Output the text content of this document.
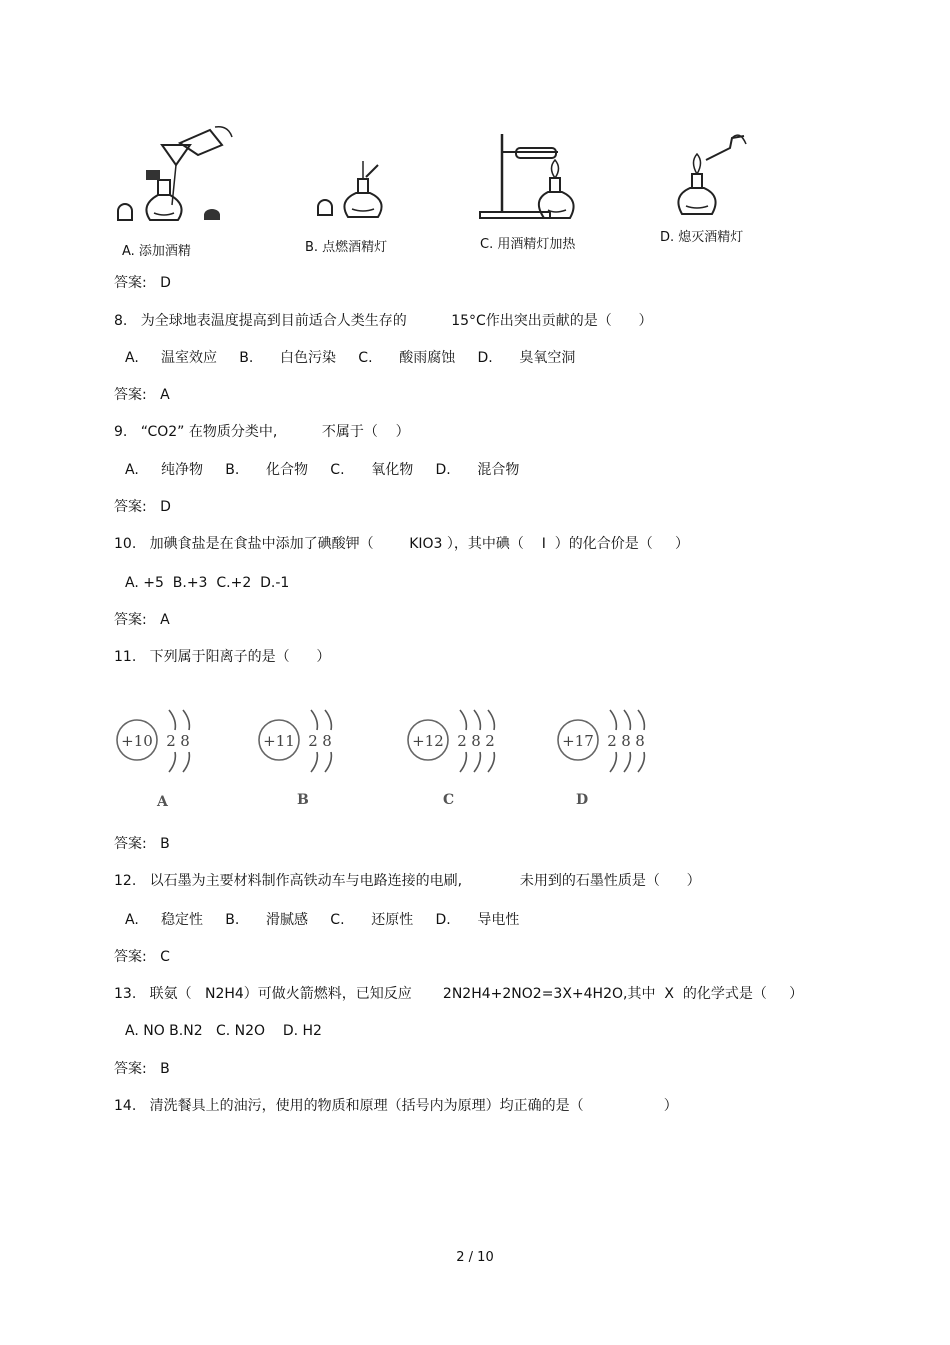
A. 添加酒精	B. 点燃酒精灯	C. 用酒精灯加热	D. 熄灭酒精灯
答案:   D
8.   为全球地表温度提高到目前适合人类生存的          15°C作出突出贡献的是（      ）
A.     温室效应     B.      白色污染     C.      酸雨腐蚀     D.      臭氧空洞
答案:   A
9.   “CO2” 在物质分类中,          不属于（    ）
A.     纯净物     B.      化合物     C.      氧化物     D.      混合物
答案:   D
10.   加碘食盐是在食盐中添加了碘酸钾（        KIO3 ），其中碘（    I  ）的化合价是（     ）
A. +5  B.+3  C.+2  D.-1
答案:   A
11.   下列属于阳离子的是（      ）
+10 2 8	+11 2 8	+12 2 8 2	+17 2 8 8
A	B	C	D
答案:   B
12.   以石墨为主要材料制作高铁动车与电路连接的电刷,             未用到的石墨性质是（      ）
A.     稳定性     B.      滑腻感     C.      还原性     D.      导电性
答案:   C
13.   联氨（   N2H4）可做火箭燃料，已知反应       2N2H4+2NO2=3X+4H2O,其中  X  的化学式是（     ）
A. NO B.N2   C. N2O    D. H2
答案:   B
14.   清洗餐具上的油污，使用的物质和原理（括号内为原理）均正确的是（                  ）
2 / 10
